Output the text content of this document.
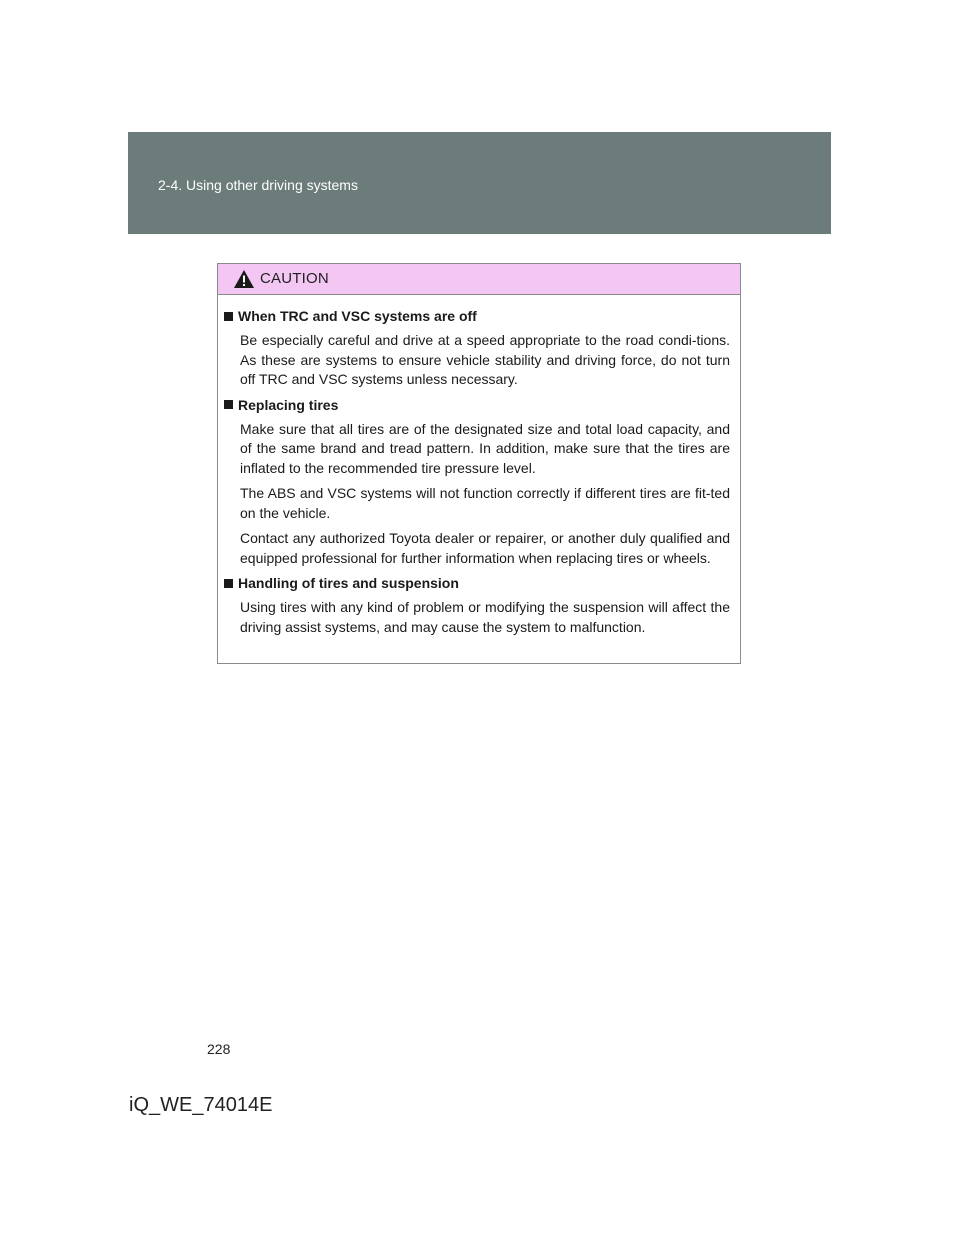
2-4. Using other driving systems
CAUTION
When TRC and VSC systems are off

Be especially careful and drive at a speed appropriate to the road condi-tions. As these are systems to ensure vehicle stability and driving force, do not turn off TRC and VSC systems unless necessary.

Replacing tires

Make sure that all tires are of the designated size and total load capacity, and of the same brand and tread pattern. In addition, make sure that the tires are inflated to the recommended tire pressure level.

The ABS and VSC systems will not function correctly if different tires are fit-ted on the vehicle.

Contact any authorized Toyota dealer or repairer, or another duly qualified and equipped professional for further information when replacing tires or wheels.

Handling of tires and suspension

Using tires with any kind of problem or modifying the suspension will affect the driving assist systems, and may cause the system to malfunction.

228
iQ_WE_74014E
